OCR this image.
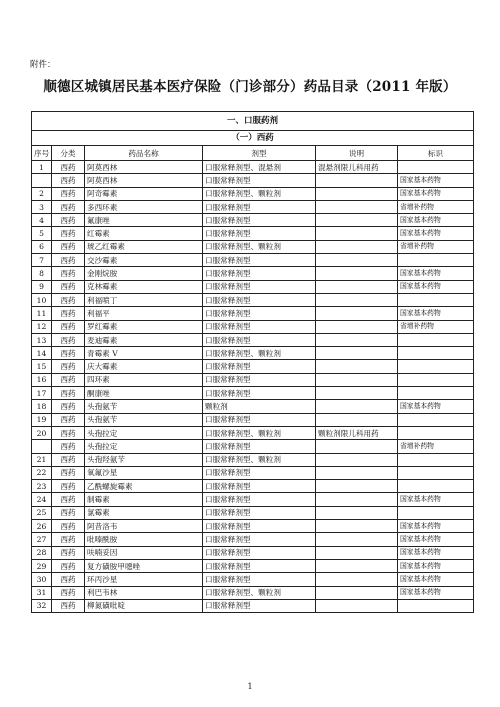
附件：
顺德区城镇居民基本医疗保险（门诊部分）药品目录（2011 年版）
一、口服药剂					
（一）西药					
序号	分类	药品名称	剂型	说明	标识
1	西药	阿莫西林	口服常释剂型、混悬剂	混悬剂限儿科用药	
	西药	阿莫西林	口服常释剂型		国家基本药物
2	西药	阿奇霉素	口服常释剂型、颗粒剂		国家基本药物
3	西药	多西环素	口服常释剂型		省增补药物
4	西药	氟康唑	口服常释剂型		国家基本药物
5	西药	红霉素	口服常释剂型		国家基本药物
6	西药	琥乙红霉素	口服常释剂型、颗粒剂		省增补药物
7	西药	交沙霉素	口服常释剂型		
8	西药	金刚烷胺	口服常释剂型		国家基本药物
9	西药	克林霉素	口服常释剂型		国家基本药物
10	西药	利福喷丁	口服常释剂型		
11	西药	利福平	口服常释剂型		国家基本药物
12	西药	罗红霉素	口服常释剂型		省增补药物
13	西药	麦迪霉素	口服常释剂型		
14	西药	青霉素 V	口服常释剂型、颗粒剂		
15	西药	庆大霉素	口服常释剂型		
16	西药	四环素	口服常释剂型		
17	西药	酮康唑	口服常释剂型		
18	西药	头孢氨苄	颗粒剂		国家基本药物
19	西药	头孢氨苄	口服常释剂型		
20	西药	头孢拉定	口服常释剂型、颗粒剂	颗粒剂限儿科用药	
	西药	头孢拉定	口服常释剂型		省增补药物
21	西药	头孢羟氨苄	口服常释剂型、颗粒剂		
22	西药	氧氟沙星	口服常释剂型		
23	西药	乙酰螺旋霉素	口服常释剂型		
24	西药	制霉素	口服常释剂型		国家基本药物
25	西药	氯霉素	口服常释剂型		
26	西药	阿昔洛韦	口服常释剂型		国家基本药物
27	西药	吡嗪酰胺	口服常释剂型		国家基本药物
28	西药	呋喃妥因	口服常释剂型		国家基本药物
29	西药	复方磺胺甲噁唑	口服常释剂型		国家基本药物
30	西药	环丙沙星	口服常释剂型		国家基本药物
31	西药	利巴韦林	口服常释剂型、颗粒剂		国家基本药物
32	西药	柳氮磺吡啶	口服常释剂型		
1
